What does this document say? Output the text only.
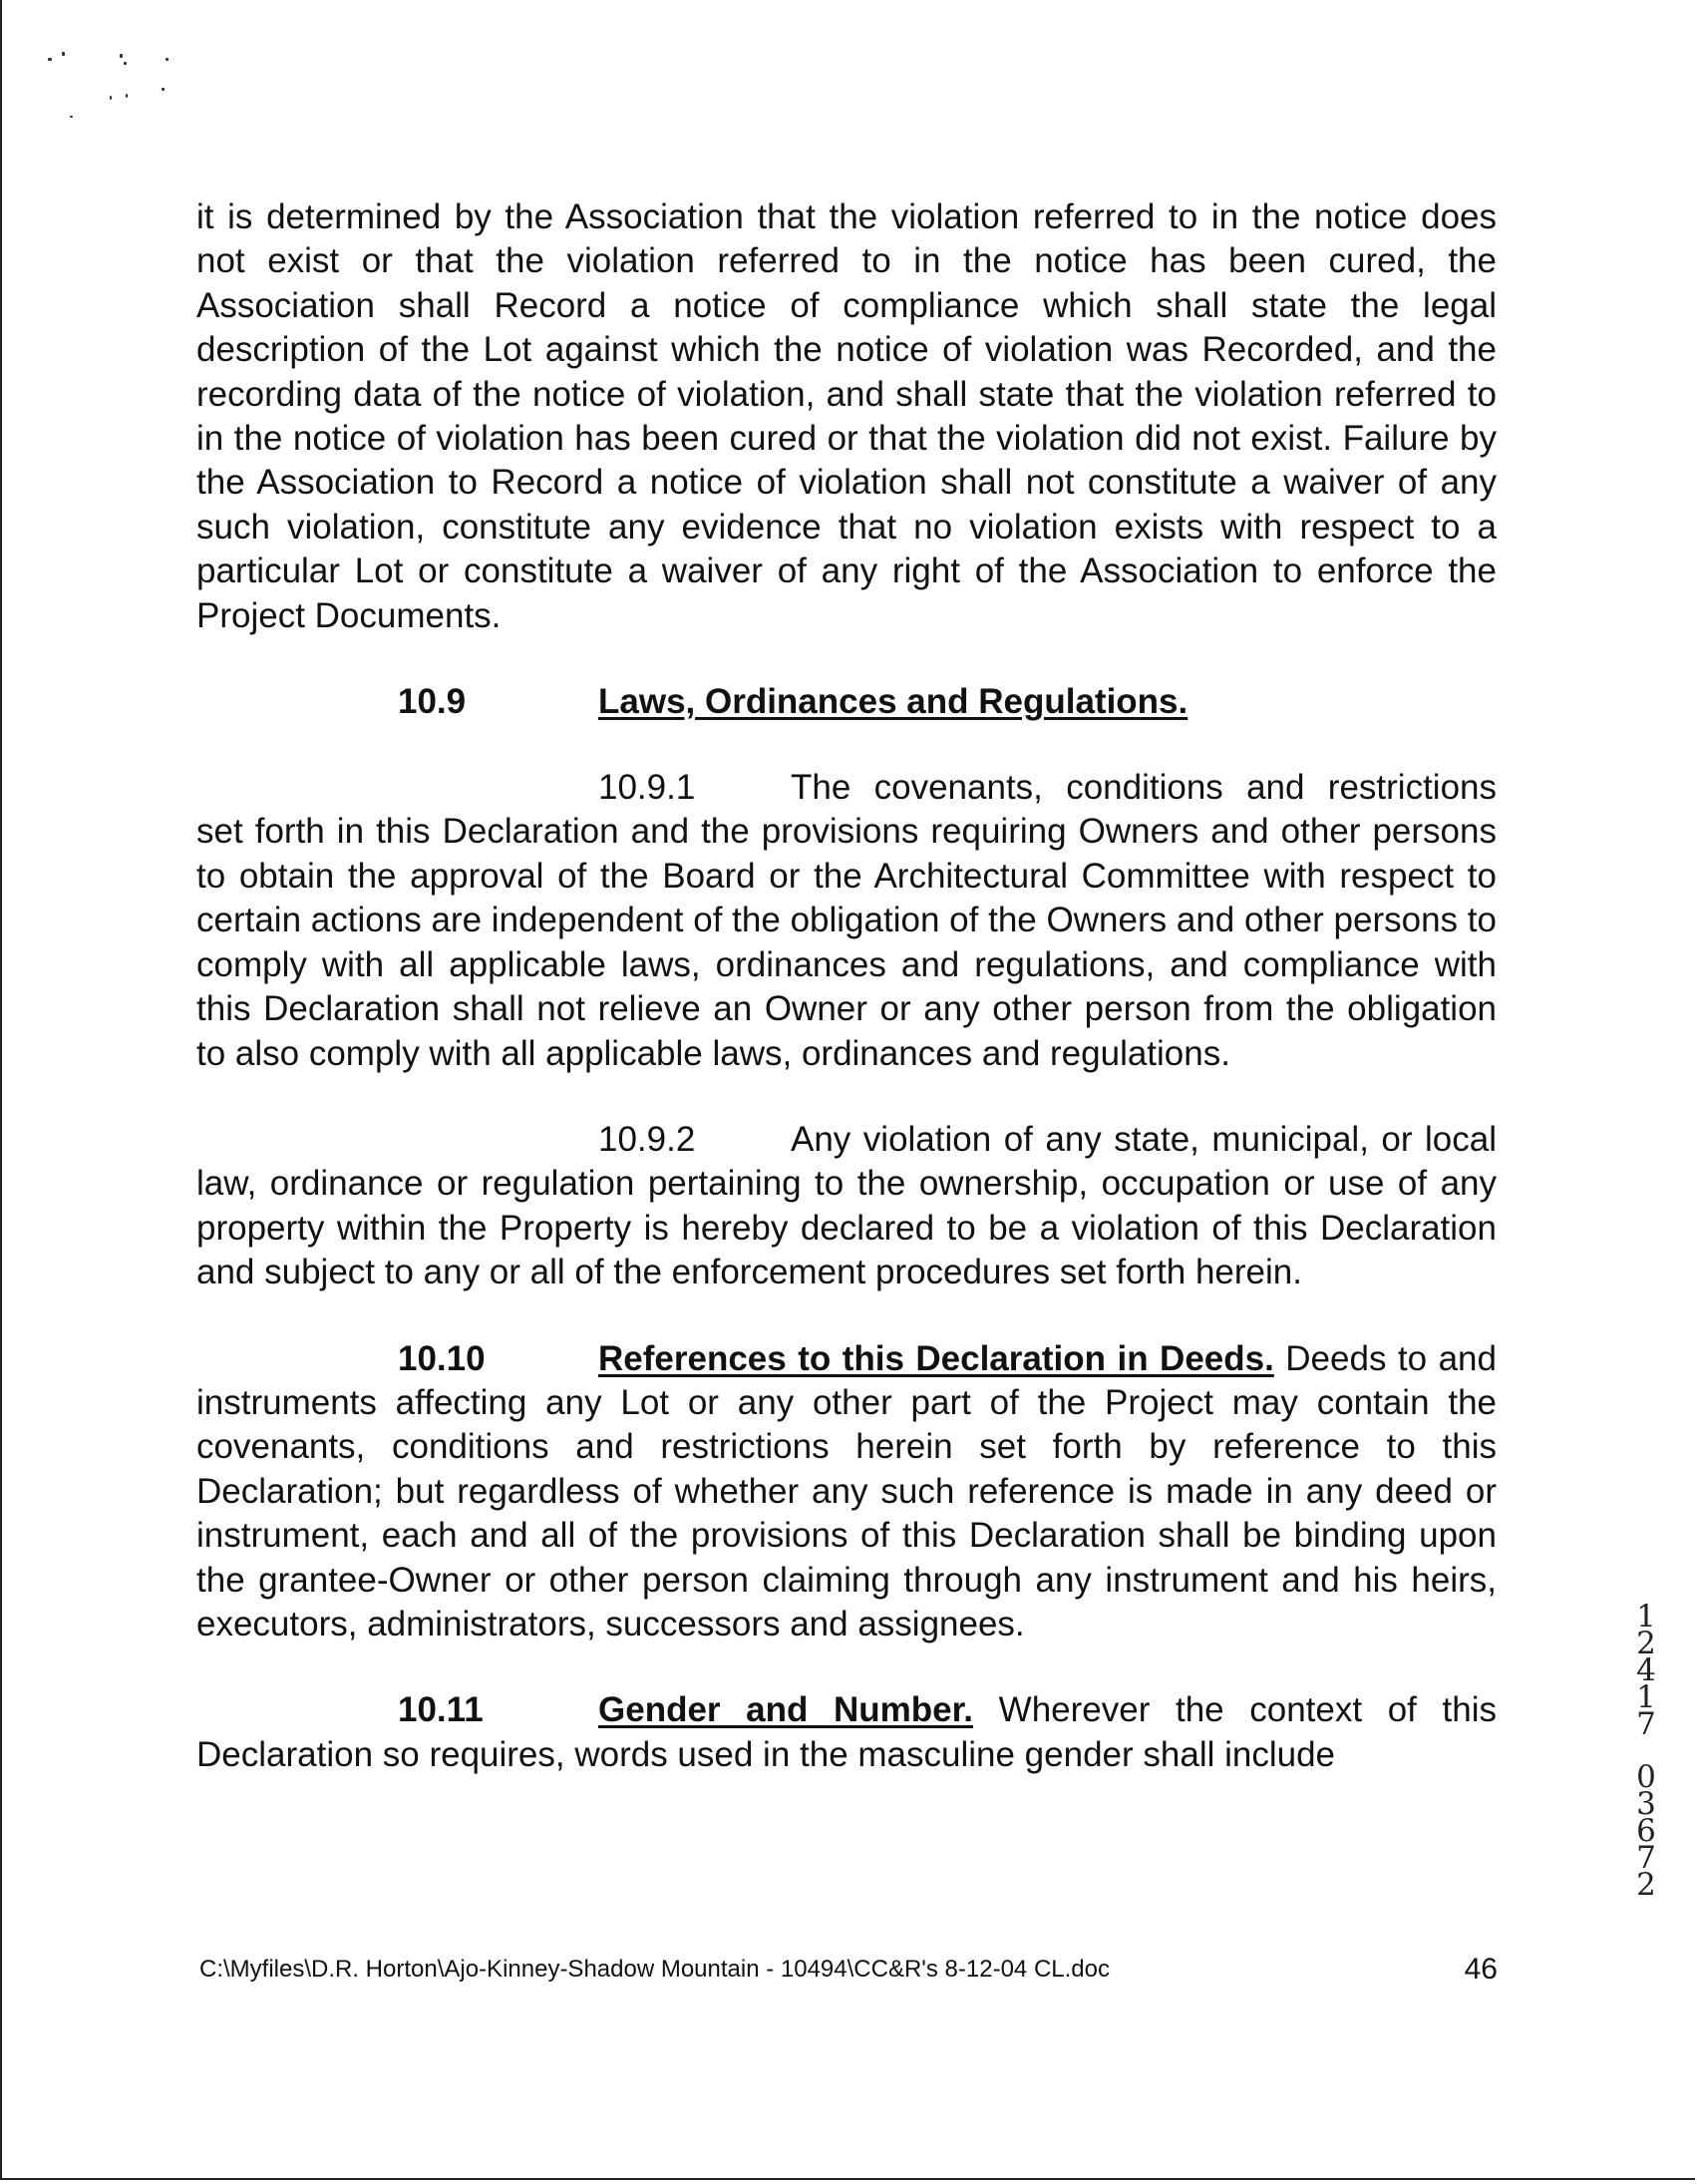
it is determined by the Association that the violation referred to in the notice does not exist or that the violation referred to in the notice has been cured, the Association shall Record a notice of compliance which shall state the legal description of the Lot against which the notice of violation was Recorded, and the recording data of the notice of violation, and shall state that the violation referred to in the notice of violation has been cured or that the violation did not exist. Failure by the Association to Record a notice of violation shall not constitute a waiver of any such violation, constitute any evidence that no violation exists with respect to a particular Lot or constitute a waiver of any right of the Association to enforce the Project Documents.

10.9	Laws, Ordinances and Regulations.

10.9.1	The covenants, conditions and restrictions set forth in this Declaration and the provisions requiring Owners and other persons to obtain the approval of the Board or the Architectural Committee with respect to certain actions are independent of the obligation of the Owners and other persons to comply with all applicable laws, ordinances and regulations, and compliance with this Declaration shall not relieve an Owner or any other person from the obligation to also comply with all applicable laws, ordinances and regulations.

10.9.2	Any violation of any state, municipal, or local law, ordinance or regulation pertaining to the ownership, occupation or use of any property within the Property is hereby declared to be a violation of this Declaration and subject to any or all of the enforcement procedures set forth herein.

10.10	References to this Declaration in Deeds. Deeds to and instruments affecting any Lot or any other part of the Project may contain the covenants, conditions and restrictions herein set forth by reference to this Declaration; but regardless of whether any such reference is made in any deed or instrument, each and all of the provisions of this Declaration shall be binding upon the grantee-Owner or other person claiming through any instrument and his heirs, executors, administrators, successors and assignees.

10.11	Gender and Number. Wherever the context of this Declaration so requires, words used in the masculine gender shall include

C:\Myfiles\D.R. Horton\Ajo-Kinney-Shadow Mountain - 10494\CC&R's 8-12-04 CL.doc	46
12417
03672
